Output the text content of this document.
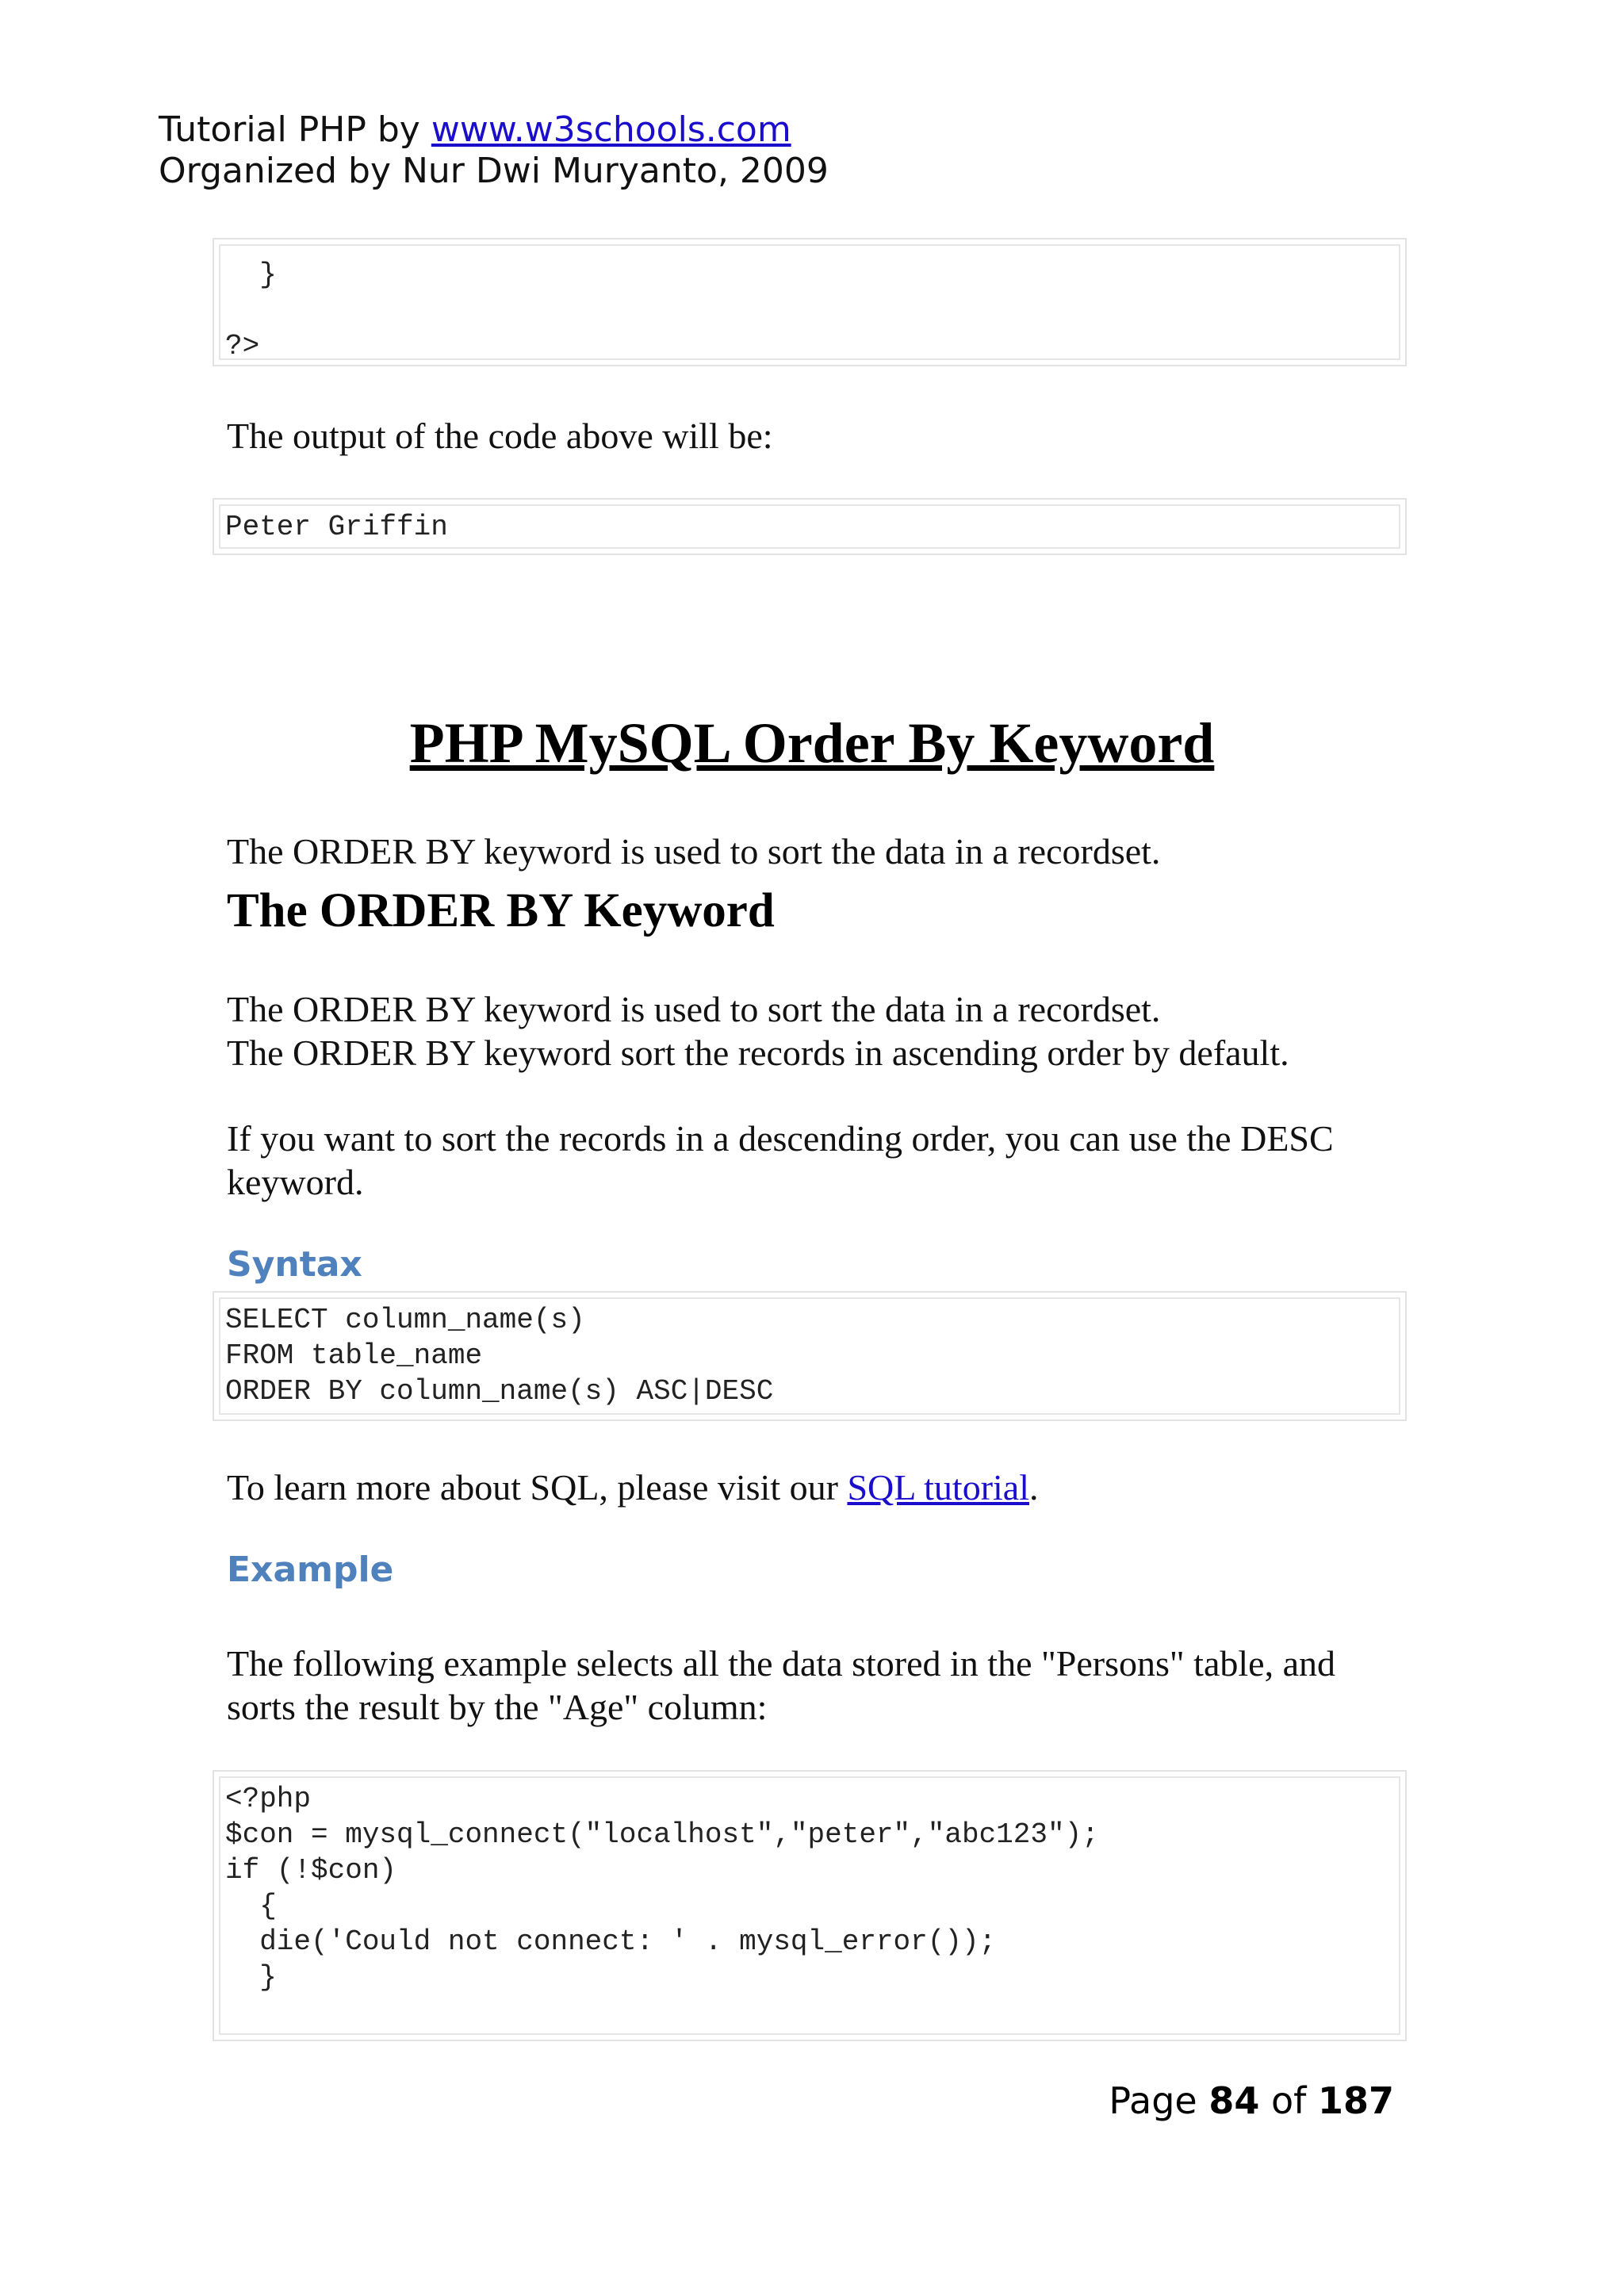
Tutorial PHP by www.w3schools.com
Organized by Nur Dwi Muryanto, 2009
}

?>
The output of the code above will be:
Peter Griffin
PHP MySQL Order By Keyword
The ORDER BY keyword is used to sort the data in a recordset.
The ORDER BY Keyword
The ORDER BY keyword is used to sort the data in a recordset.
The ORDER BY keyword sort the records in ascending order by default.
If you want to sort the records in a descending order, you can use the DESC
keyword.
Syntax
SELECT column_name(s)
FROM table_name
ORDER BY column_name(s) ASC|DESC
To learn more about SQL, please visit our SQL tutorial.
Example
The following example selects all the data stored in the "Persons" table, and
sorts the result by the "Age" column:
<?php
$con = mysql_connect("localhost","peter","abc123");
if (!$con)
{
die('Could not connect: ' . mysql_error());
}
Page 84 of 187
